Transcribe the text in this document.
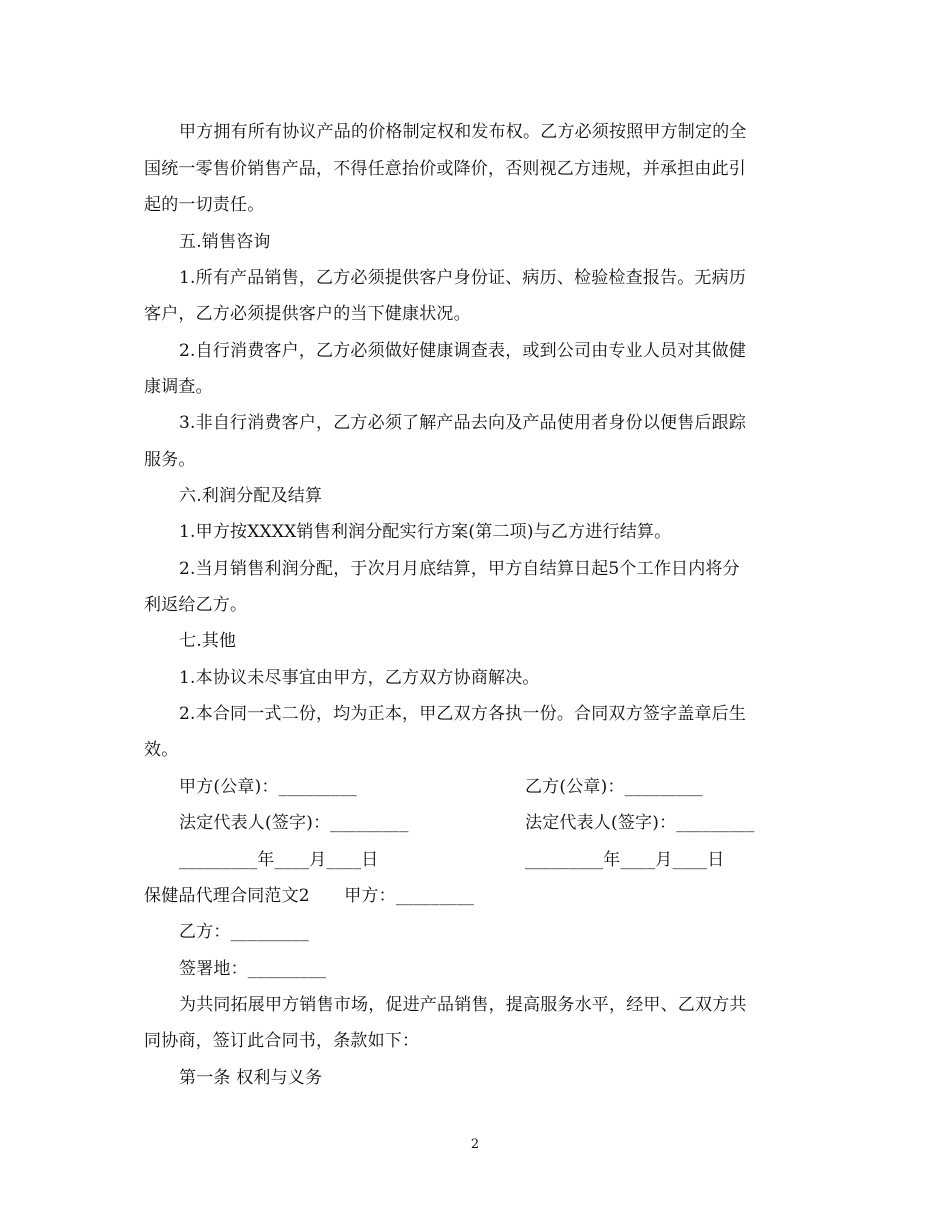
甲方拥有所有协议产品的价格制定权和发布权。乙方必须按照甲方制定的全
国统一零售价销售产品，不得任意抬价或降价，否则视乙方违规，并承担由此引
起的一切责任。
五.销售咨询
1.所有产品销售，乙方必须提供客户身份证、病历、检验检查报告。无病历
客户，乙方必须提供客户的当下健康状况。
2.自行消费客户，乙方必须做好健康调查表，或到公司由专业人员对其做健
康调查。
3.非自行消费客户，乙方必须了解产品去向及产品使用者身份以便售后跟踪
服务。
六.利润分配及结算
1.甲方按XXXX销售利润分配实行方案(第二项)与乙方进行结算。
2.当月销售利润分配，于次月月底结算，甲方自结算日起5个工作日内将分
利返给乙方。
七.其他
1.本协议未尽事宜由甲方，乙方双方协商解决。
2.本合同一式二份，均为正本，甲乙双方各执一份。合同双方签字盖章后生
效。
甲方(公章)：_________	乙方(公章)：_________
法定代表人(签字)：_________	法定代表人(签字)：_________
_________年____月____日	_________年____月____日
保健品代理合同范文2　　甲方：_________
乙方：_________
签署地：_________
为共同拓展甲方销售市场，促进产品销售，提高服务水平，经甲、乙双方共
同协商，签订此合同书，条款如下：
第一条 权利与义务
2
